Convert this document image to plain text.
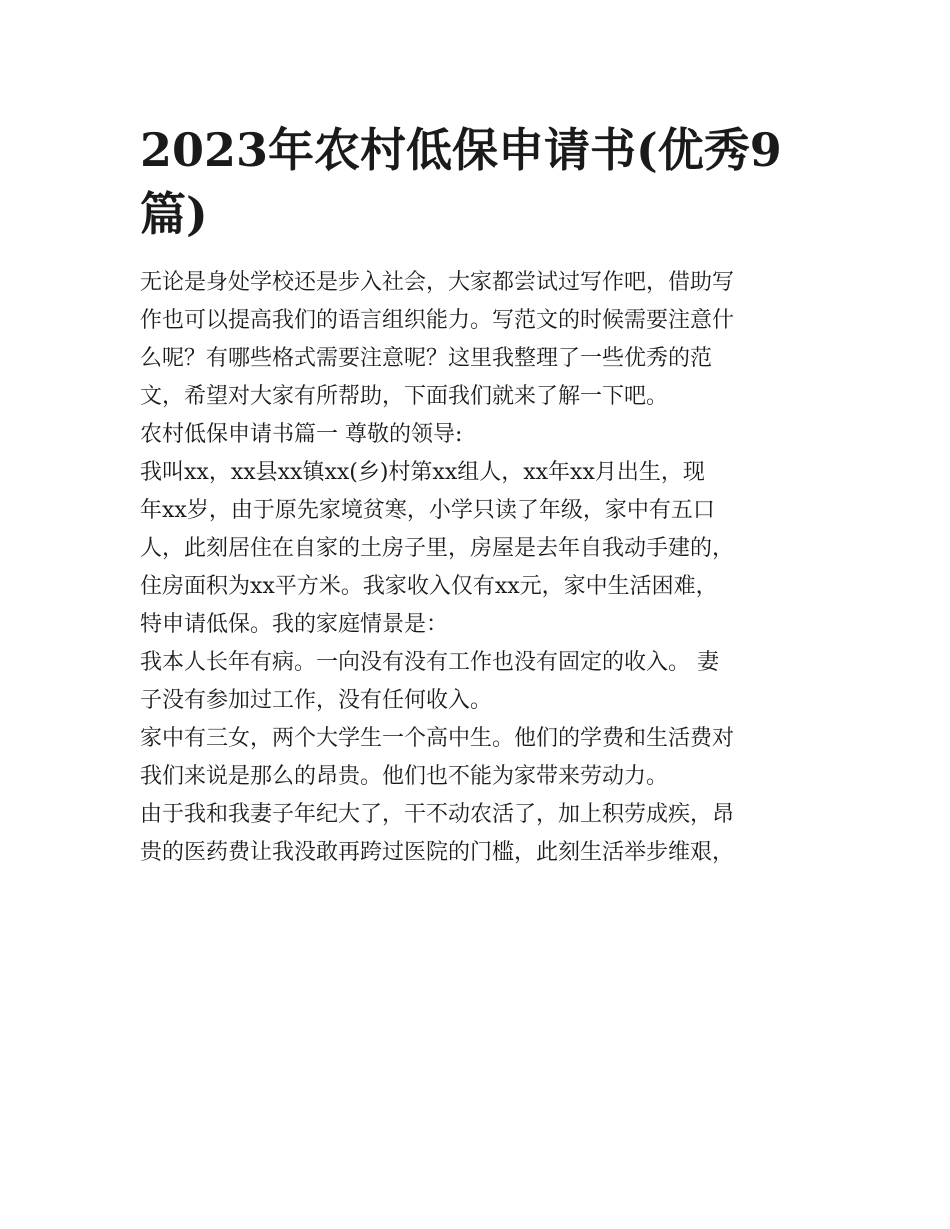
2023年农村低保申请书(优秀9
篇)

无论是身处学校还是步入社会，大家都尝试过写作吧，借助写
作也可以提高我们的语言组织能力。写范文的时候需要注意什
么呢？有哪些格式需要注意呢？这里我整理了一些优秀的范
文，希望对大家有所帮助，下面我们就来了解一下吧。

农村低保申请书篇一 尊敬的领导:

我叫xx，xx县xx镇xx(乡)村第xx组人，xx年xx月出生，现
年xx岁，由于原先家境贫寒，小学只读了年级，家中有五口
人，此刻居住在自家的土房子里，房屋是去年自我动手建的，
住房面积为xx平方米。我家收入仅有xx元，家中生活困难，
特申请低保。我的家庭情景是：

我本人长年有病。一向没有没有工作也没有固定的收入。 妻
子没有参加过工作，没有任何收入。

家中有三女，两个大学生一个高中生。他们的学费和生活费对
我们来说是那么的昂贵。他们也不能为家带来劳动力。

由于我和我妻子年纪大了，干不动农活了，加上积劳成疾，昂
贵的医药费让我没敢再跨过医院的门槛，此刻生活举步维艰，
